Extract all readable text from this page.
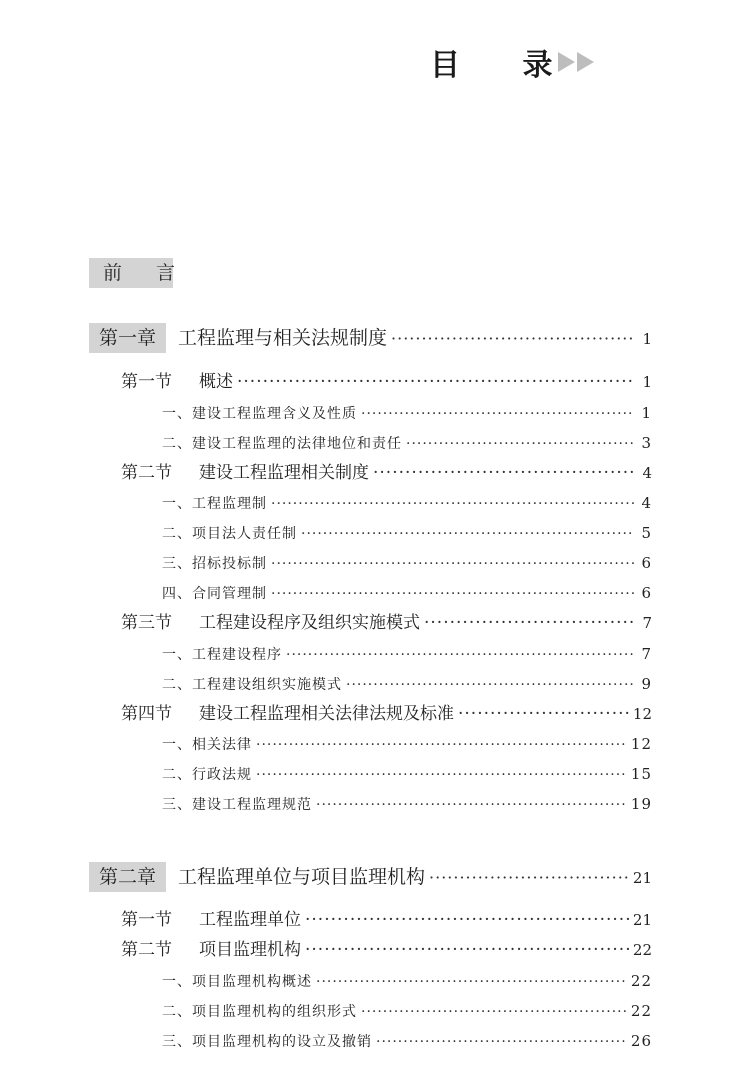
目 录
前 言
第一章	工程监理与相关法规制度 ·····	1
第一节	概述 ·····	1
一、建设工程监理含义及性质 ·····	1
二、建设工程监理的法律地位和责任 ·····	3
第二节	建设工程监理相关制度 ·····	4
一、工程监理制 ·····	4
二、项目法人责任制 ·····	5
三、招标投标制 ·····	6
四、合同管理制 ·····	6
第三节	工程建设程序及组织实施模式 ·····	7
一、工程建设程序 ·····	7
二、工程建设组织实施模式 ·····	9
第四节	建设工程监理相关法律法规及标准 ·····	12
一、相关法律 ·····	12
二、行政法规 ·····	15
三、建设工程监理规范 ·····	19
第二章	工程监理单位与项目监理机构 ·····	21
第一节	工程监理单位 ·····	21
第二节	项目监理机构 ·····	22
一、项目监理机构概述 ·····	22
二、项目监理机构的组织形式 ·····	22
三、项目监理机构的设立及撤销 ·····	26
